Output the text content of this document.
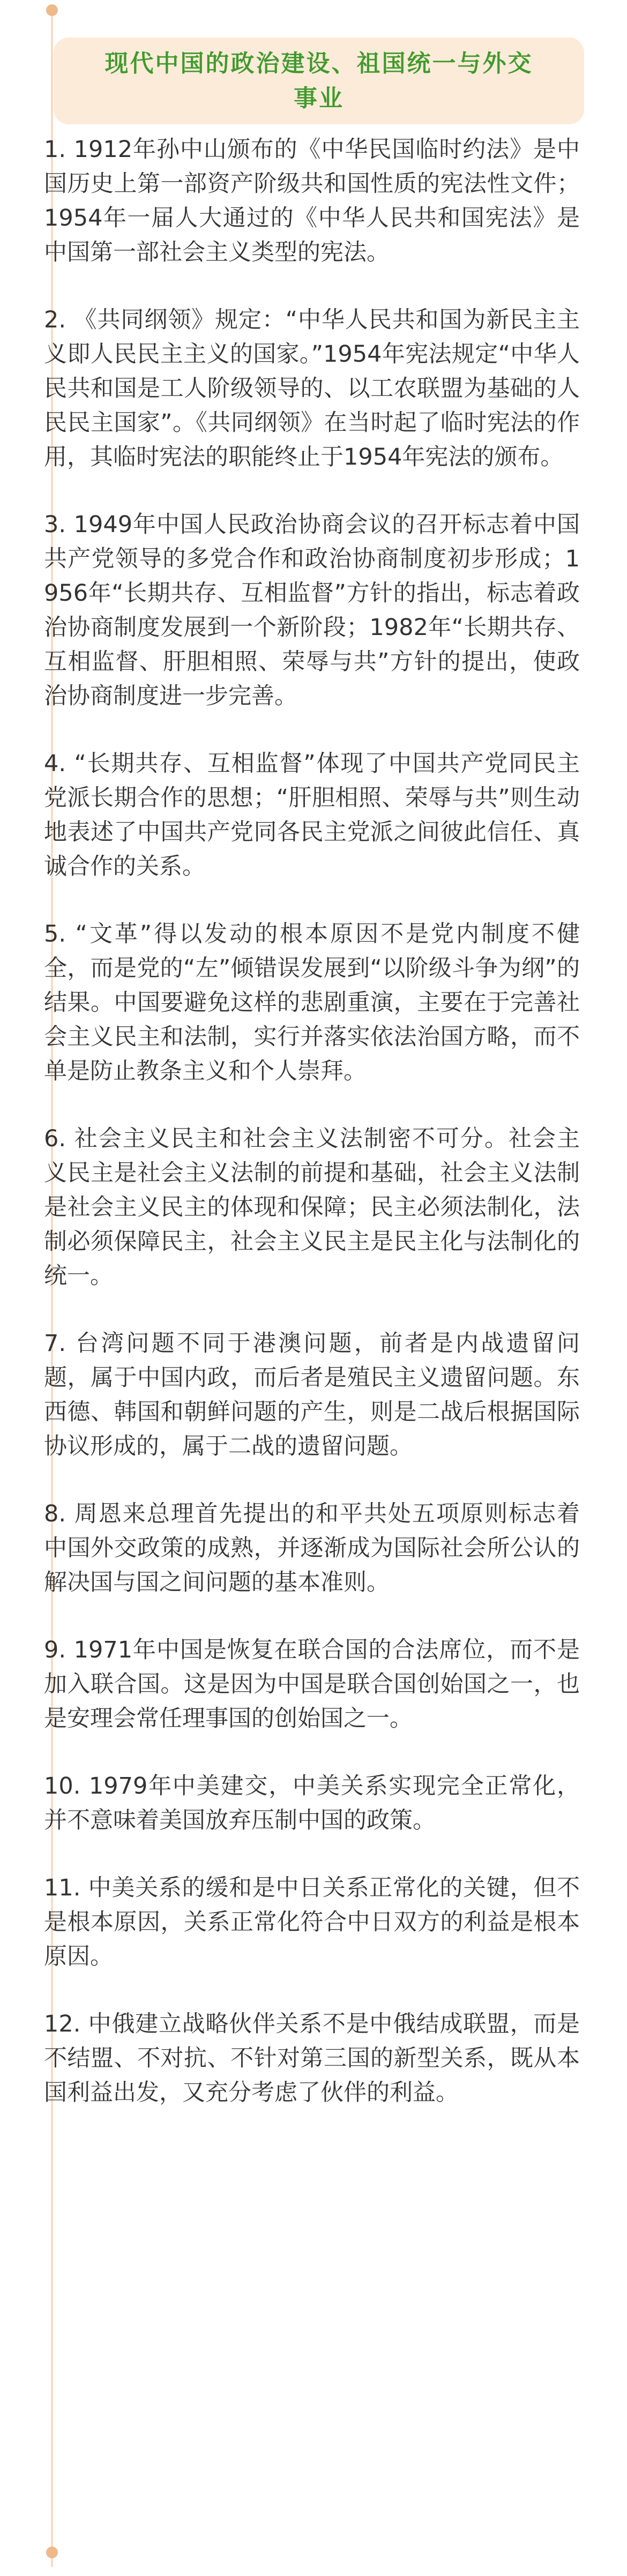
现代中国的政治建设、祖国统一与外交事业

1. 1912年孙中山颁布的《中华民国临时约法》是中国历史上第一部资产阶级共和国性质的宪法性文件；1954年一届人大通过的《中华人民共和国宪法》是中国第一部社会主义类型的宪法。

2. 《共同纲领》规定：“中华人民共和国为新民主主义即人民民主主义的国家。”1954年宪法规定“中华人民共和国是工人阶级领导的、以工农联盟为基础的人民民主国家”。《共同纲领》在当时起了临时宪法的作用，其临时宪法的职能终止于1954年宪法的颁布。

3. 1949年中国人民政治协商会议的召开标志着中国共产党领导的多党合作和政治协商制度初步形成；1956年“长期共存、互相监督”方针的指出，标志着政治协商制度发展到一个新阶段；1982年“长期共存、互相监督、肝胆相照、荣辱与共”方针的提出，使政治协商制度进一步完善。

4. “长期共存、互相监督”体现了中国共产党同民主党派长期合作的思想；“肝胆相照、荣辱与共”则生动地表述了中国共产党同各民主党派之间彼此信任、真诚合作的关系。

5. “文革”得以发动的根本原因不是党内制度不健全，而是党的“左”倾错误发展到“以阶级斗争为纲”的结果。中国要避免这样的悲剧重演，主要在于完善社会主义民主和法制，实行并落实依法治国方略，而不单是防止教条主义和个人崇拜。

6. 社会主义民主和社会主义法制密不可分。社会主义民主是社会主义法制的前提和基础，社会主义法制是社会主义民主的体现和保障；民主必须法制化，法制必须保障民主，社会主义民主是民主化与法制化的统一。

7. 台湾问题不同于港澳问题，前者是内战遗留问题，属于中国内政，而后者是殖民主义遗留问题。东西德、韩国和朝鲜问题的产生，则是二战后根据国际协议形成的，属于二战的遗留问题。

8. 周恩来总理首先提出的和平共处五项原则标志着中国外交政策的成熟，并逐渐成为国际社会所公认的解决国与国之间问题的基本准则。

9. 1971年中国是恢复在联合国的合法席位，而不是加入联合国。这是因为中国是联合国创始国之一，也是安理会常任理事国的创始国之一。

10. 1979年中美建交，中美关系实现完全正常化，并不意味着美国放弃压制中国的政策。

11. 中美关系的缓和是中日关系正常化的关键，但不是根本原因，关系正常化符合中日双方的利益是根本原因。

12. 中俄建立战略伙伴关系不是中俄结成联盟，而是不结盟、不对抗、不针对第三国的新型关系，既从本国利益出发，又充分考虑了伙伴的利益。
